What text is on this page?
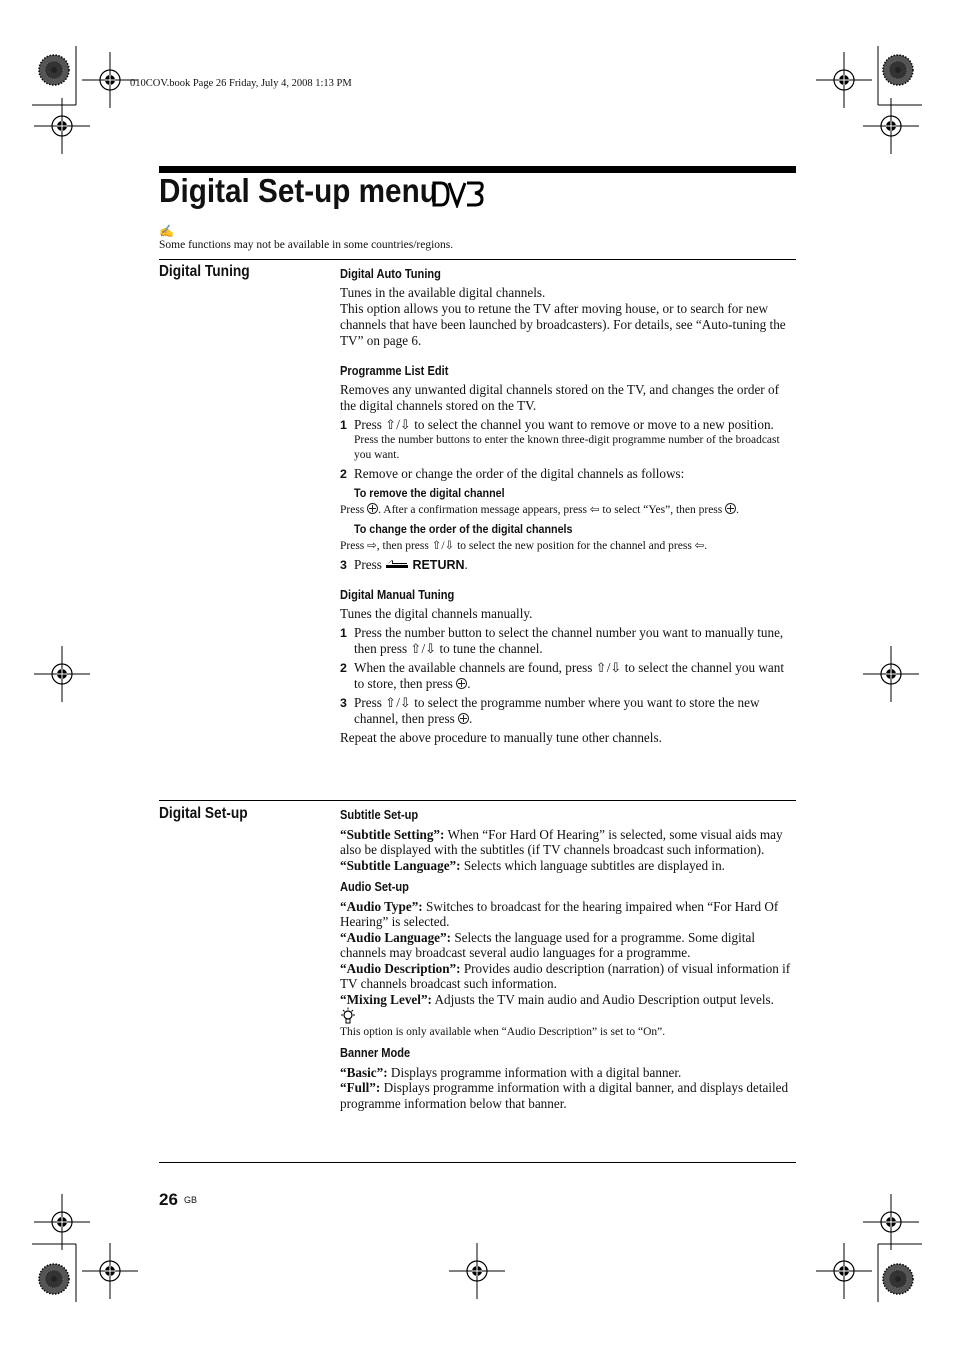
010COV.book Page 26 Friday, July 4, 2008 1:13 PM
Digital Set-up menu
✍
Some functions may not be available in some countries/regions.
Digital Tuning	Digital Auto Tuning

Tunes in the available digital channels.

This option allows you to retune the TV after moving house, or to search for new channels that have been launched by broadcasters). For details, see “Auto-tuning the TV” on page 6.

Programme List Edit

Removes any unwanted digital channels stored on the TV, and changes the order of the digital channels stored on the TV.

1 Press ⇧/⇩ to select the channel you want to remove or move to a new position.

Press the number buttons to enter the known three-digit programme number of the broadcast you want.

2 Remove or change the order of the digital channels as follows:

To remove the digital channel

Press . After a confirmation message appears, press ⇦ to select “Yes”, then press .

To change the order of the digital channels

Press ⇨, then press ⇧/⇩ to select the new position for the channel and press ⇦.

3 Press RETURN.

Digital Manual Tuning

Tunes the digital channels manually.

1 Press the number button to select the channel number you want to manually tune, then press ⇧/⇩ to tune the channel.

2 When the available channels are found, press ⇧/⇩ to select the channel you want to store, then press .

3 Press ⇧/⇩ to select the programme number where you want to store the new channel, then press .

Repeat the above procedure to manually tune other channels.

Digital Set-up	Subtitle Set-up

“Subtitle Setting”: When “For Hard Of Hearing” is selected, some visual aids may also be displayed with the subtitles (if TV channels broadcast such information).

“Subtitle Language”: Selects which language subtitles are displayed in.

Audio Set-up

“Audio Type”: Switches to broadcast for the hearing impaired when “For Hard Of Hearing” is selected.

“Audio Language”: Selects the language used for a programme. Some digital channels may broadcast several audio languages for a programme.

“Audio Description”: Provides audio description (narration) of visual information if TV channels broadcast such information.

“Mixing Level”: Adjusts the TV main audio and Audio Description output levels.

This option is only available when “Audio Description” is set to “On”.

Banner Mode

“Basic”: Displays programme information with a digital banner.

“Full”: Displays programme information with a digital banner, and displays detailed programme information below that banner.

26 GB
